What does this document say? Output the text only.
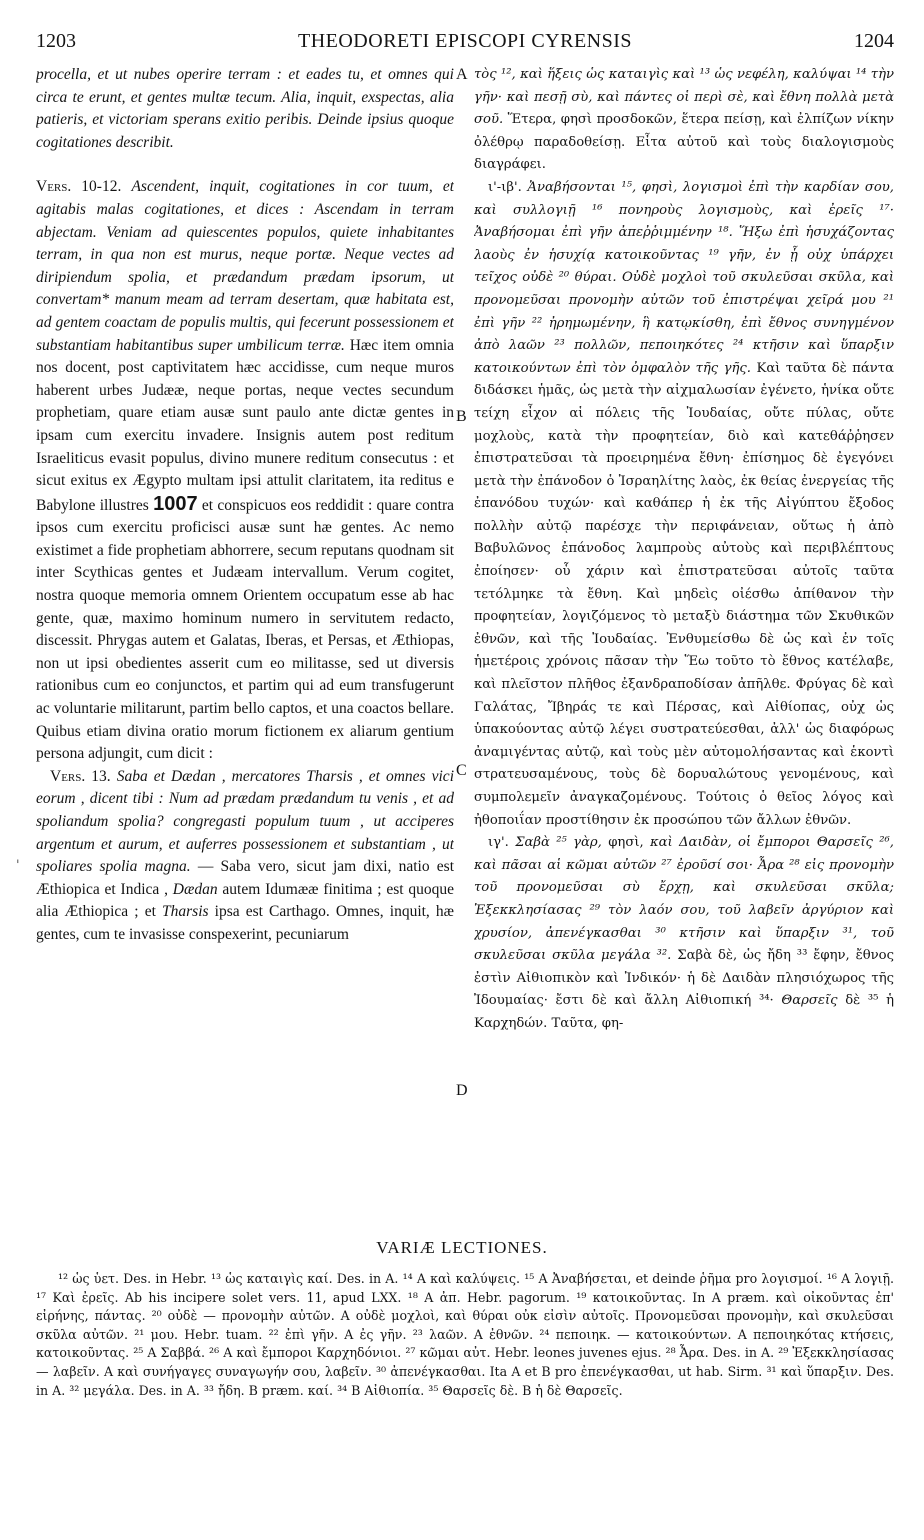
1203	THEODORETI EPISCOPI CYRENSIS	1204
A
B
C
D
'

procella, et ut nubes operire terram : et eades tu, et omnes qui circa te erunt, et gentes multæ tecum. Alia, inquit, exspectas, alia patieris, et victoriam sperans exitio peribis. Deinde ipsius quoque cogitationes describit.

Vers. 10-12. Ascendent, inquit, cogitationes in cor tuum, et agitabis malas cogitationes, et dices : Ascendam in terram abjectam. Veniam ad quiescentes populos, quiete inhabitantes terram, in qua non est murus, neque portæ. Neque vectes ad diripiendum spolia, et prædandum prædam ipsorum, ut convertam* manum meam ad terram desertam, quæ habitata est, ad gentem coactam de populis multis, qui fecerunt possessionem et substantiam habitantibus super umbilicum terræ. Hæc item omnia nos docent, post captivitatem hæc accidisse, cum neque muros haberent urbes Judææ, neque portas, neque vectes secundum prophetiam, quare etiam ausæ sunt paulo ante dictæ gentes in ipsam cum exercitu invadere. Insignis autem post reditum Israeliticus evasit populus, divino munere reditum consecutus : et sicut exitus ex Ægypto multam ipsi attulit claritatem, ita reditus e Babylone illustres 1007 et conspicuos eos reddidit : quare contra ipsos cum exercitu proficisci ausæ sunt hæ gentes. Ac nemo existimet a fide prophetiam abhorrere, secum reputans quodnam sit inter Scythicas gentes et Judæam intervallum. Verum cogitet, nostra quoque memoria omnem Orientem occupatum esse ab hac gente, quæ, maximo hominum numero in servitutem redacto, discessit. Phrygas autem et Galatas, Iberas, et Persas, et Æthiopas, non ut ipsi obedientes asserit cum eo militasse, sed ut diversis rationibus cum eo conjunctos, et partim qui ad eum transfugerunt ac voluntarie militarunt, partim bello captos, et una coactos bellare. Quibus etiam divina oratio morum fictionem ex aliarum gentium persona adjungit, cum dicit :

Vers. 13. Saba et Dædan , mercatores Tharsis , et omnes vici eorum , dicent tibi : Num ad prædam prædandum tu venis , et ad spoliandum spolia? congregasti populum tuum , ut acciperes argentum et aurum, et auferres possessionem et substantiam , ut spoliares spolia magna. — Saba vero, sicut jam dixi, natio est Æthiopica et Indica , Dædan autem Idumææ finitima ; est quoque alia Æthiopica ; et Tharsis ipsa est Carthago. Omnes, inquit, hæ gentes, cum te invasisse conspexerint, pecuniarum

τὸς ¹², καὶ ἥξεις ὡς καταιγὶς καὶ ¹³ ὡς νεφέλη, καλύψαι ¹⁴ τὴν γῆν· καὶ πεσῇ σὺ, καὶ πάντες οἱ περὶ σὲ, καὶ ἔθνη πολλὰ μετὰ σοῦ. Ἕτερα, φησὶ προσδοκῶν, ἕτερα πείσῃ, καὶ ἐλπίζων νίκην ὀλέθρῳ παραδοθείσῃ. Εἶτα αὐτοῦ καὶ τοὺς διαλογισμοὺς διαγράφει.

ι'-ιβ'. Ἀναβήσονται ¹⁵, φησὶ, λογισμοὶ ἐπὶ τὴν καρδίαν σου, καὶ συλλογιῇ ¹⁶ πονηροὺς λογισμοὺς, καὶ ἐρεῖς ¹⁷· Ἀναβήσομαι ἐπὶ γῆν ἀπεῤῥιμμένην ¹⁸. Ἥξω ἐπὶ ἡσυχάζοντας λαοὺς ἐν ἡσυχίᾳ κατοικοῦντας ¹⁹ γῆν, ἐν ᾗ οὐχ ὑπάρχει τεῖχος οὐδὲ ²⁰ θύραι. Οὐδὲ μοχλοὶ τοῦ σκυλεῦσαι σκῦλα, καὶ προνομεῦσαι προνομὴν αὐτῶν τοῦ ἐπιστρέψαι χεῖρά μου ²¹ ἐπὶ γῆν ²² ἠρημωμένην, ἣ κατῳκίσθη, ἐπὶ ἔθνος συνηγμένον ἀπὸ λαῶν ²³ πολλῶν, πεποιηκότες ²⁴ κτῆσιν καὶ ὕπαρξιν κατοικούντων ἐπὶ τὸν ὀμφαλὸν τῆς γῆς. Καὶ ταῦτα δὲ πάντα διδάσκει ἡμᾶς, ὡς μετὰ τὴν αἰχμαλωσίαν ἐγένετο, ἡνίκα οὔτε τείχη εἶχον αἱ πόλεις τῆς Ἰουδαίας, οὔτε πύλας, οὔτε μοχλοὺς, κατὰ τὴν προφητείαν, διὸ καὶ κατεθάῤῥησεν ἐπιστρατεῦσαι τὰ προειρημένα ἔθνη· ἐπίσημος δὲ ἐγεγόνει μετὰ τὴν ἐπάνοδον ὁ Ἰσραηλίτης λαὸς, ἐκ θείας ἐνεργείας τῆς ἐπανόδου τυχών· καὶ καθάπερ ἡ ἐκ τῆς Αἰγύπτου ἔξοδος πολλὴν αὐτῷ παρέσχε τὴν περιφάνειαν, οὕτως ἡ ἀπὸ Βαβυλῶνος ἐπάνοδος λαμπροὺς αὐτοὺς καὶ περιβλέπτους ἐποίησεν· οὗ χάριν καὶ ἐπιστρατεῦσαι αὐτοῖς ταῦτα τετόλμηκε τὰ ἔθνη. Καὶ μηδεὶς οἰέσθω ἀπίθανον τὴν προφητείαν, λογιζόμενος τὸ μεταξὺ διάστημα τῶν Σκυθικῶν ἐθνῶν, καὶ τῆς Ἰουδαίας. Ἐνθυμείσθω δὲ ὡς καὶ ἐν τοῖς ἡμετέροις χρόνοις πᾶσαν τὴν Ἕω τοῦτο τὸ ἔθνος κατέλαβε, καὶ πλεῖστον πλῆθος ἐξανδραποδίσαν ἀπῆλθε. Φρύγας δὲ καὶ Γαλάτας, Ἴβηράς τε καὶ Πέρσας, καὶ Αἰθίοπας, οὐχ ὡς ὑπακούοντας αὐτῷ λέγει συστρατεύεσθαι, ἀλλ' ὡς διαφόρως ἀναμιγέντας αὐτῷ, καὶ τοὺς μὲν αὐτομολήσαντας καὶ ἑκοντὶ στρατευσαμένους, τοὺς δὲ δορυαλώτους γενομένους, καὶ συμπολεμεῖν ἀναγκαζομένους. Τούτοις ὁ θεῖος λόγος καὶ ἠθοποιΐαν προστίθησιν ἐκ προσώπου τῶν ἄλλων ἐθνῶν.

ιγ'. Σαβὰ ²⁵ γὰρ, φησὶ, καὶ Δαιδὰν, οἱ ἔμποροι Θαρσεῖς ²⁶, καὶ πᾶσαι αἱ κῶμαι αὐτῶν ²⁷ ἐροῦσί σοι· Ἆρα ²⁸ εἰς προνομὴν τοῦ προνομεῦσαι σὺ ἔρχῃ, καὶ σκυλεῦσαι σκῦλα; Ἐξεκκλησίασας ²⁹ τὸν λαόν σου, τοῦ λαβεῖν ἀργύριον καὶ χρυσίον, ἀπενέγκασθαι ³⁰ κτῆσιν καὶ ὕπαρξιν ³¹, τοῦ σκυλεῦσαι σκῦλα μεγάλα ³². Σαβὰ δὲ, ὡς ἤδη ³³ ἔφην, ἔθνος ἐστὶν Αἰθιοπικὸν καὶ Ἰνδικόν· ἡ δὲ Δαιδὰν πλησιόχωρος τῆς Ἰδουμαίας· ἔστι δὲ καὶ ἄλλη Αἰθιοπική ³⁴· Θαρσεῖς δὲ ³⁵ ἡ Καρχηδών. Ταῦτα, φη-

VARIÆ LECTIONES.

¹² ὡς ὑετ. Des. in Hebr. ¹³ ὡς καταιγὶς καί. Des. in A. ¹⁴ A καὶ καλύψεις. ¹⁵ A Ἀναβήσεται, et deinde ῥῆμα pro λογισμοί. ¹⁶ A λογιῇ. ¹⁷ Καὶ ἐρεῖς. Ab his incipere solet vers. 11, apud LXX. ¹⁸ A ἀπ. Hebr. pagorum. ¹⁹ κατοικοῦντας. In A præm. καὶ οἰκοῦντας ἐπ' εἰρήνης, πάντας. ²⁰ οὐδὲ — προνομὴν αὐτῶν. A οὐδὲ μοχλοὶ, καὶ θύραι οὐκ εἰσὶν αὐτοῖς. Προνομεῦσαι προνομὴν, καὶ σκυλεῦσαι σκῦλα αὐτῶν. ²¹ μου. Hebr. tuam. ²² ἐπὶ γῆν. A ἐς γῆν. ²³ λαῶν. A ἐθνῶν. ²⁴ πεποιηκ. — κατοικούντων. A πεποιηκότας κτήσεις, κατοικοῦντας. ²⁵ A Σαββά. ²⁶ A καὶ ἔμποροι Καρχηδόνιοι. ²⁷ κῶμαι αὐτ. Hebr. leones juvenes ejus. ²⁸ Ἆρα. Des. in A. ²⁹ Ἐξεκκλησίασας — λαβεῖν. A καὶ συνήγαγες συναγωγήν σου, λαβεῖν. ³⁰ ἀπενέγκασθαι. Ita A et B pro ἐπενέγκασθαι, ut hab. Sirm. ³¹ καὶ ὕπαρξιν. Des. in A. ³² μεγάλα. Des. in A. ³³ ἤδη. B præm. καί. ³⁴ B Αἰθιοπία. ³⁵ Θαρσεῖς δὲ. B ἡ δὲ Θαρσεῖς.
